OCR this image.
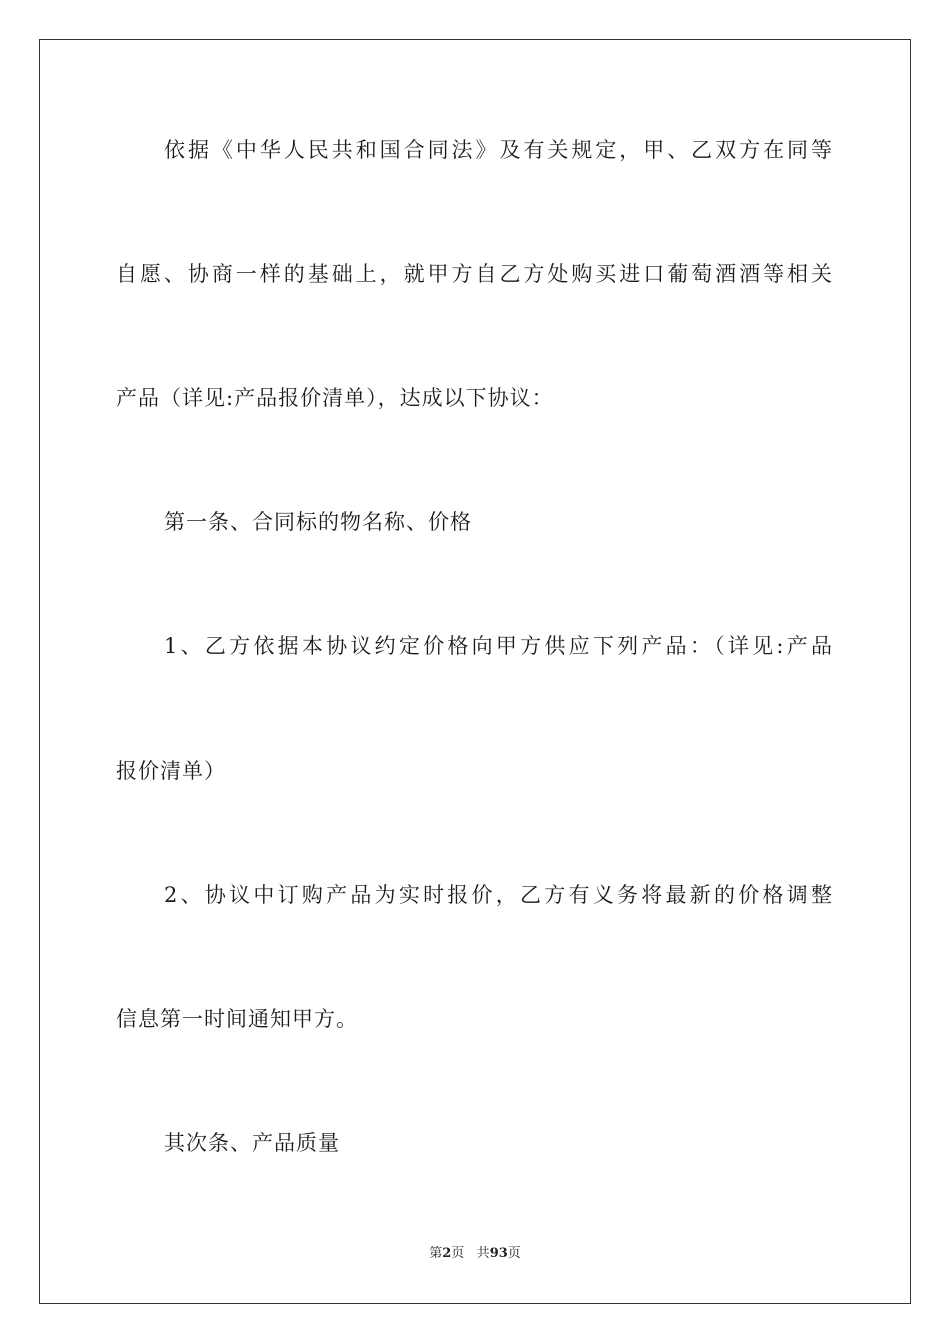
依据《中华人民共和国合同法》及有关规定，甲、乙双方在同等
自愿、协商一样的基础上，就甲方自乙方处购买进口葡萄酒酒等相关
产品（详见:产品报价清单），达成以下协议：
第一条、合同标的物名称、价格
1、乙方依据本协议约定价格向甲方供应下列产品：（详见:产品
报价清单）
2、协议中订购产品为实时报价，乙方有义务将最新的价格调整
信息第一时间通知甲方。
其次条、产品质量
第2页 共93页
